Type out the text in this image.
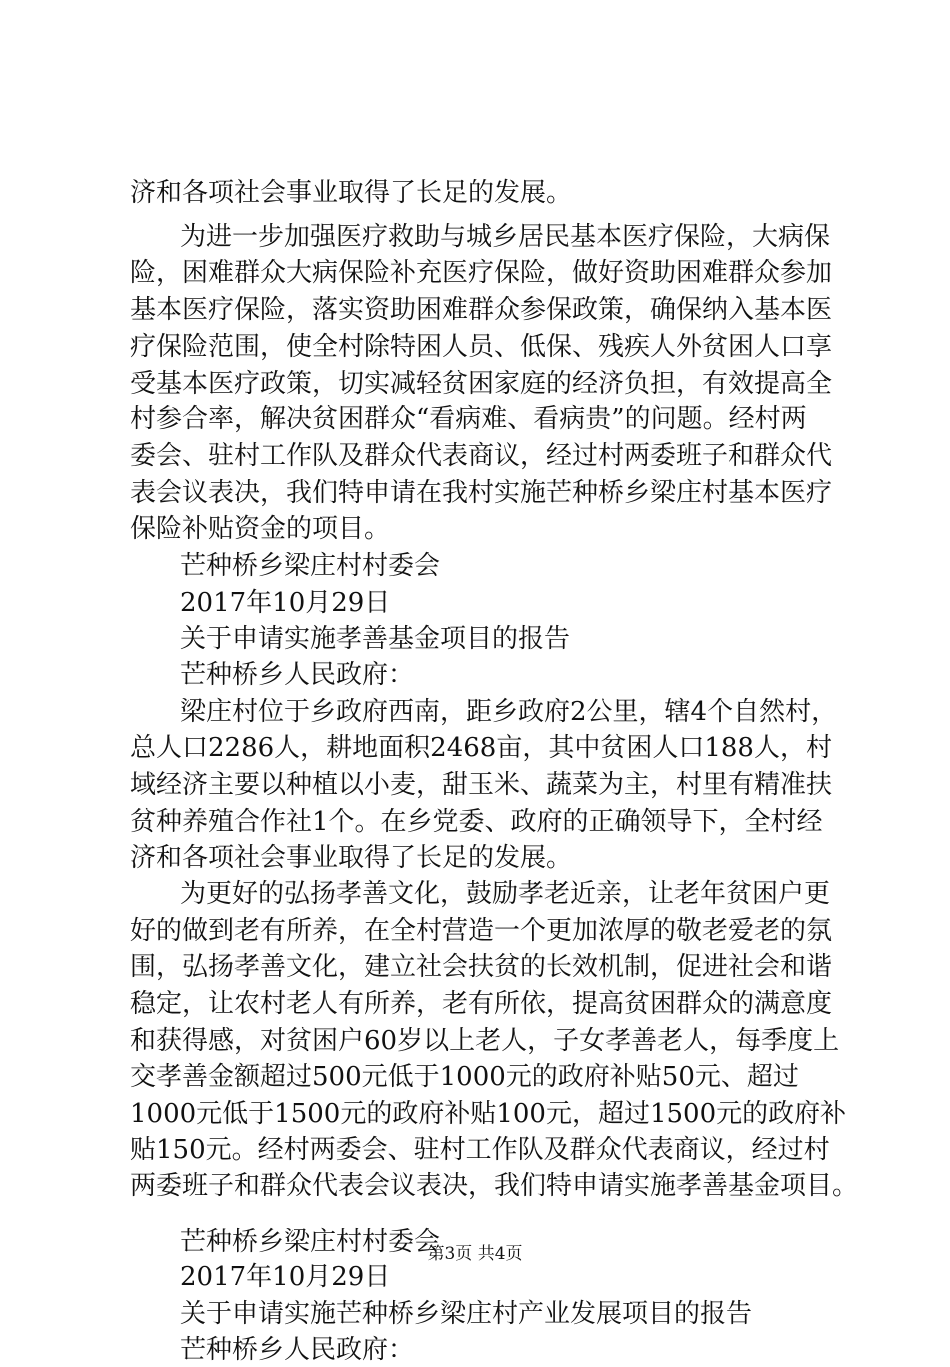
济和各项社会事业取得了长足的发展。
为进一步加强医疗救助与城乡居民基本医疗保险，大病保
险，困难群众大病保险补充医疗保险，做好资助困难群众参加
基本医疗保险，落实资助困难群众参保政策，确保纳入基本医
疗保险范围，使全村除特困人员、低保、残疾人外贫困人口享
受基本医疗政策，切实减轻贫困家庭的经济负担，有效提高全
村参合率，解决贫困群众“看病难、看病贵”的问题。经村两
委会、驻村工作队及群众代表商议，经过村两委班子和群众代
表会议表决，我们特申请在我村实施芒种桥乡梁庄村基本医疗
保险补贴资金的项目。
芒种桥乡梁庄村村委会
2017年10月29日
关于申请实施孝善基金项目的报告
芒种桥乡人民政府：
梁庄村位于乡政府西南，距乡政府2公里，辖4个自然村，
总人口2286人，耕地面积2468亩，其中贫困人口188人，村
域经济主要以种植以小麦，甜玉米、蔬菜为主，村里有精准扶
贫种养殖合作社1个。在乡党委、政府的正确领导下，全村经
济和各项社会事业取得了长足的发展。
为更好的弘扬孝善文化，鼓励孝老近亲，让老年贫困户更
好的做到老有所养，在全村营造一个更加浓厚的敬老爱老的氛
围，弘扬孝善文化，建立社会扶贫的长效机制，促进社会和谐
稳定，让农村老人有所养，老有所依，提高贫困群众的满意度
和获得感，对贫困户60岁以上老人，子女孝善老人，每季度上
交孝善金额超过500元低于1000元的政府补贴50元、超过
1000元低于1500元的政府补贴100元，超过1500元的政府补
贴150元。经村两委会、驻村工作队及群众代表商议，经过村
两委班子和群众代表会议表决，我们特申请实施孝善基金项目。
芒种桥乡梁庄村村委会
2017年10月29日
关于申请实施芒种桥乡梁庄村产业发展项目的报告
芒种桥乡人民政府：
第3页 共4页
